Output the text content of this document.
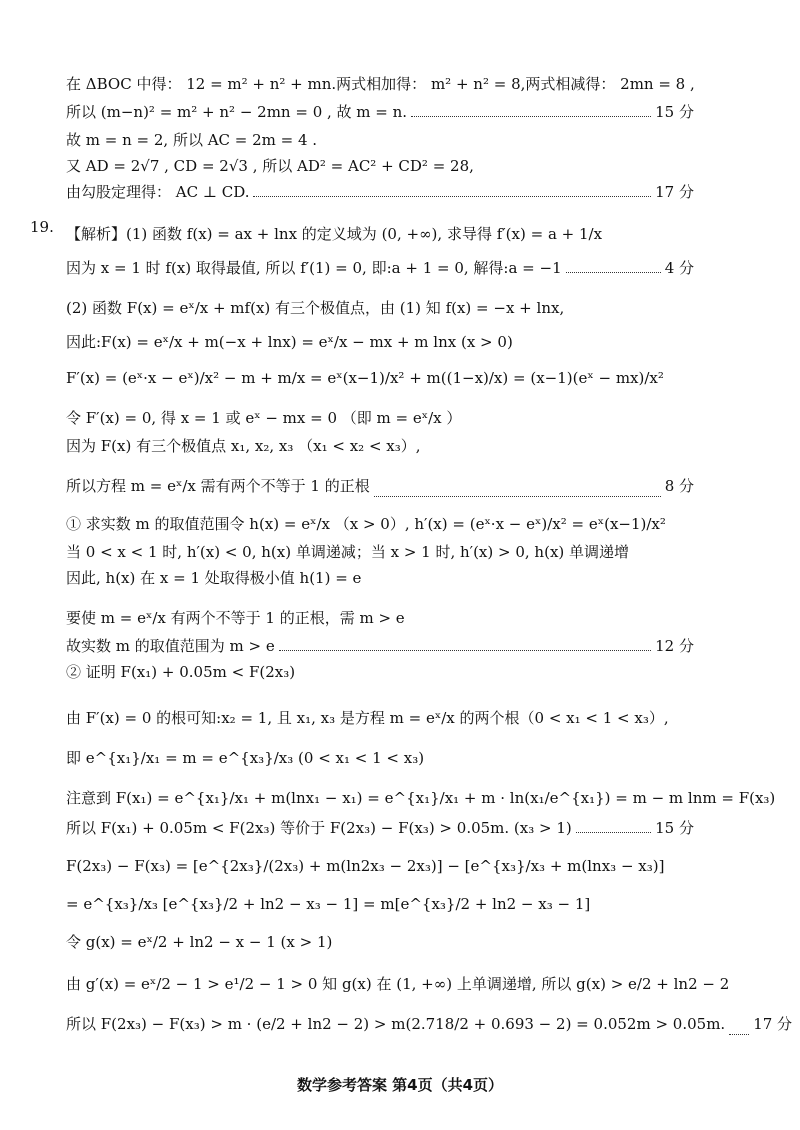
在 ΔBOC 中得： 12 = m² + n² + mn.两式相加得： m² + n² = 8,两式相减得： 2mn = 8 ,
所以 (m−n)² = m² + n² − 2mn = 0 , 故 m = n.	15 分
故 m = n = 2, 所以 AC = 2m = 4 .
又 AD = 2√7 , CD = 2√3 , 所以 AD² = AC² + CD² = 28,
由勾股定理得： AC ⊥ CD.	17 分
【解析】(1) 函数 f(x) = ax + lnx 的定义域为 (0, +∞), 求导得 f′(x) = a + 1/x
因为 x = 1 时 f(x) 取得最值, 所以 f′(1) = 0, 即:a + 1 = 0, 解得:a = −1	4 分
(2) 函数 F(x) = eˣ/x + mf(x) 有三个极值点，由 (1) 知 f(x) = −x + lnx,
因此:F(x) = eˣ/x + m(−x + lnx) = eˣ/x − mx + m lnx (x > 0)
F′(x) = (eˣ·x − eˣ)/x² − m + m/x = eˣ(x−1)/x² + m((1−x)/x) = (x−1)(eˣ − mx)/x²
令 F′(x) = 0, 得 x = 1 或 eˣ − mx = 0 （即 m = eˣ/x ）
因为 F(x) 有三个极值点 x₁, x₂, x₃ （x₁ < x₂ < x₃）,
所以方程 m = eˣ/x 需有两个不等于 1 的正根	8 分
① 求实数 m 的取值范围令 h(x) = eˣ/x （x > 0）, h′(x) = (eˣ·x − eˣ)/x² = eˣ(x−1)/x²
当 0 < x < 1 时, h′(x) < 0, h(x) 单调递减；当 x > 1 时, h′(x) > 0, h(x) 单调递增
因此, h(x) 在 x = 1 处取得极小值 h(1) = e
要使 m = eˣ/x 有两个不等于 1 的正根，需 m > e
故实数 m 的取值范围为 m > e	12 分
② 证明 F(x₁) + 0.05m < F(2x₃)
由 F′(x) = 0 的根可知:x₂ = 1, 且 x₁, x₃ 是方程 m = eˣ/x 的两个根（0 < x₁ < 1 < x₃）,
即 e^{x₁}/x₁ = m = e^{x₃}/x₃ (0 < x₁ < 1 < x₃)
注意到 F(x₁) = e^{x₁}/x₁ + m(lnx₁ − x₁) = e^{x₁}/x₁ + m · ln(x₁/e^{x₁}) = m − m lnm = F(x₃)
所以 F(x₁) + 0.05m < F(2x₃) 等价于 F(2x₃) − F(x₃) > 0.05m. (x₃ > 1)	15 分
F(2x₃) − F(x₃) = [e^{2x₃}/(2x₃) + m(ln2x₃ − 2x₃)] − [e^{x₃}/x₃ + m(lnx₃ − x₃)]
= e^{x₃}/x₃ [e^{x₃}/2 + ln2 − x₃ − 1] = m[e^{x₃}/2 + ln2 − x₃ − 1]
令 g(x) = eˣ/2 + ln2 − x − 1 (x > 1)
由 g′(x) = eˣ/2 − 1 > e¹/2 − 1 > 0 知 g(x) 在 (1, +∞) 上单调递增, 所以 g(x) > e/2 + ln2 − 2
所以 F(2x₃) − F(x₃) > m · (e/2 + ln2 − 2) > m(2.718/2 + 0.693 − 2) = 0.052m > 0.05m. 17 分
19.
数学参考答案 第4页（共4页）
